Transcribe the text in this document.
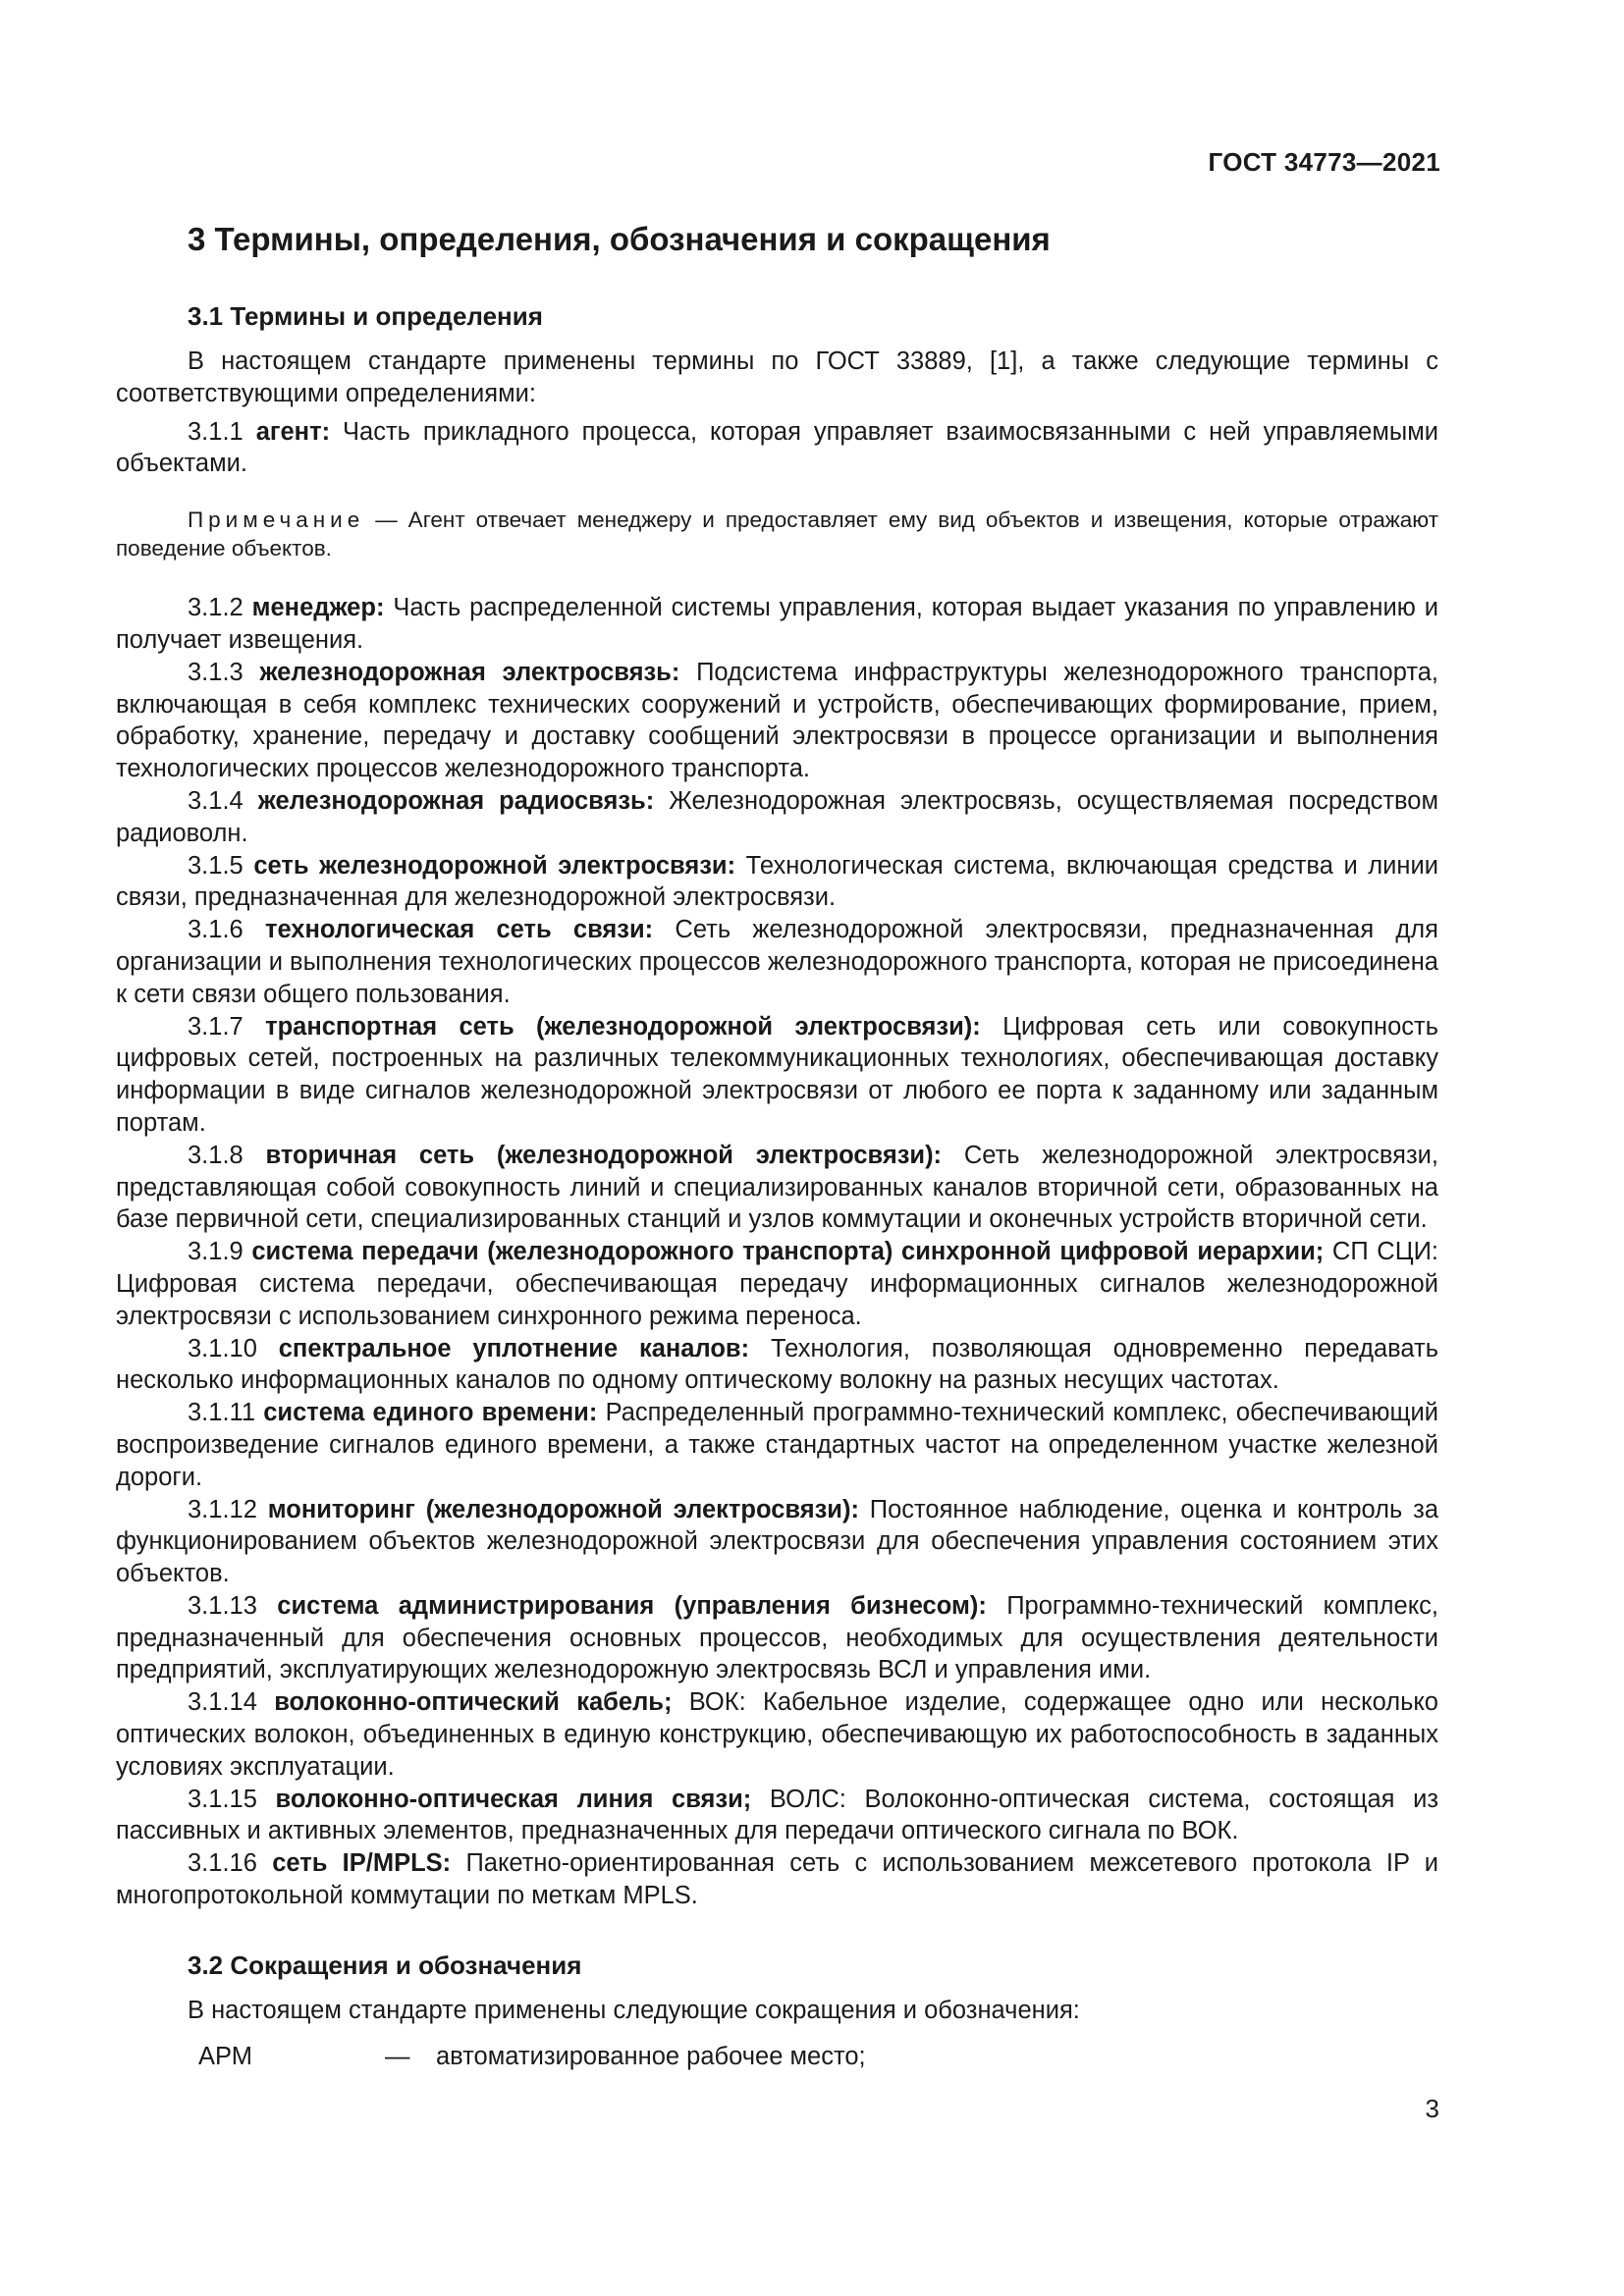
ГОСТ 34773—2021
3 Термины, определения, обозначения и сокращения
3.1 Термины и определения

В настоящем стандарте применены термины по ГОСТ 33889, [1], а также следующие термины с соответствующими определениями:

3.1.1 агент: Часть прикладного процесса, которая управляет взаимосвязанными с ней управляемыми объектами.

Примечание — Агент отвечает менеджеру и предоставляет ему вид объектов и извещения, которые отражают поведение объектов.

3.1.2 менеджер: Часть распределенной системы управления, которая выдает указания по управлению и получает извещения.

3.1.3 железнодорожная электросвязь: Подсистема инфраструктуры железнодорожного транспорта, включающая в себя комплекс технических сооружений и устройств, обеспечивающих формирование, прием, обработку, хранение, передачу и доставку сообщений электросвязи в процессе организации и выполнения технологических процессов железнодорожного транспорта.

3.1.4 железнодорожная радиосвязь: Железнодорожная электросвязь, осуществляемая посредством радиоволн.

3.1.5 сеть железнодорожной электросвязи: Технологическая система, включающая средства и линии связи, предназначенная для железнодорожной электросвязи.

3.1.6 технологическая сеть связи: Сеть железнодорожной электросвязи, предназначенная для организации и выполнения технологических процессов железнодорожного транспорта, которая не присоединена к сети связи общего пользования.

3.1.7 транспортная сеть (железнодорожной электросвязи): Цифровая сеть или совокупность цифровых сетей, построенных на различных телекоммуникационных технологиях, обеспечивающая доставку информации в виде сигналов железнодорожной электросвязи от любого ее порта к заданному или заданным портам.

3.1.8 вторичная сеть (железнодорожной электросвязи): Сеть железнодорожной электросвязи, представляющая собой совокупность линий и специализированных каналов вторичной сети, образованных на базе первичной сети, специализированных станций и узлов коммутации и оконечных устройств вторичной сети.

3.1.9 система передачи (железнодорожного транспорта) синхронной цифровой иерархии; СП СЦИ: Цифровая система передачи, обеспечивающая передачу информационных сигналов железнодорожной электросвязи с использованием синхронного режима переноса.

3.1.10 спектральное уплотнение каналов: Технология, позволяющая одновременно передавать несколько информационных каналов по одному оптическому волокну на разных несущих частотах.

3.1.11 система единого времени: Распределенный программно-технический комплекс, обеспечивающий воспроизведение сигналов единого времени, а также стандартных частот на определенном участке железной дороги.

3.1.12 мониторинг (железнодорожной электросвязи): Постоянное наблюдение, оценка и контроль за функционированием объектов железнодорожной электросвязи для обеспечения управления состоянием этих объектов.

3.1.13 система администрирования (управления бизнесом): Программно-технический комплекс, предназначенный для обеспечения основных процессов, необходимых для осуществления деятельности предприятий, эксплуатирующих железнодорожную электросвязь ВСЛ и управления ими.

3.1.14 волоконно-оптический кабель; ВОК: Кабельное изделие, содержащее одно или несколько оптических волокон, объединенных в единую конструкцию, обеспечивающую их работоспособность в заданных условиях эксплуатации.

3.1.15 волоконно-оптическая линия связи; ВОЛС: Волоконно-оптическая система, состоящая из пассивных и активных элементов, предназначенных для передачи оптического сигнала по ВОК.

3.1.16 сеть IP/MPLS: Пакетно-ориентированная сеть с использованием межсетевого протокола IP и многопротокольной коммутации по меткам MPLS.

3.2 Сокращения и обозначения

В настоящем стандарте применены следующие сокращения и обозначения:

АРМ	—	автоматизированное рабочее место;
3
